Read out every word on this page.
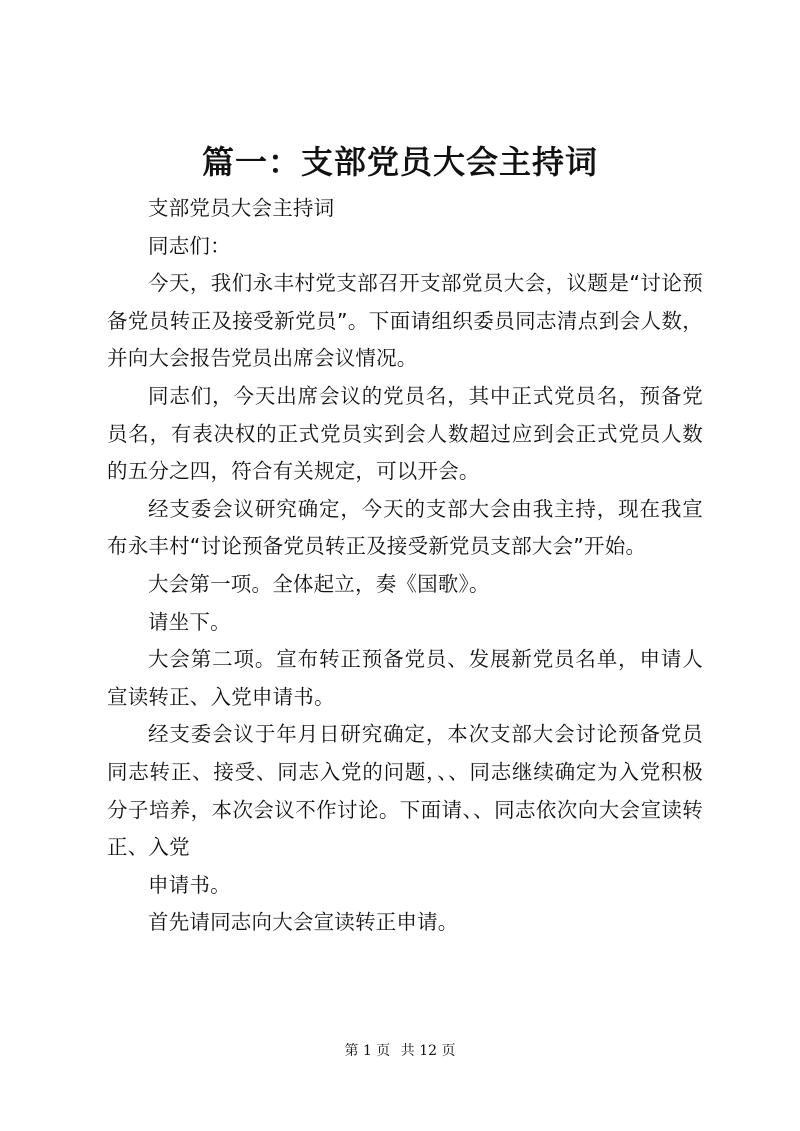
篇一：支部党员大会主持词

支部党员大会主持词

同志们：

今天，我们永丰村党支部召开支部党员大会，议题是“讨论预备党员转正及接受新党员”。下面请组织委员同志清点到会人数，并向大会报告党员出席会议情况。

同志们，今天出席会议的党员名，其中正式党员名，预备党员名，有表决权的正式党员实到会人数超过应到会正式党员人数的五分之四，符合有关规定，可以开会。

经支委会议研究确定，今天的支部大会由我主持，现在我宣布永丰村“讨论预备党员转正及接受新党员支部大会”开始。

大会第一项。全体起立，奏《国歌》。

请坐下。

大会第二项。宣布转正预备党员、发展新党员名单，申请人宣读转正、入党申请书。

经支委会议于年月日研究确定，本次支部大会讨论预备党员同志转正、接受、同志入党的问题，、、同志继续确定为入党积极分子培养，本次会议不作讨论。下面请、、同志依次向大会宣读转正、入党

申请书。

首先请同志向大会宣读转正申请。

第 1 页 共 12 页
